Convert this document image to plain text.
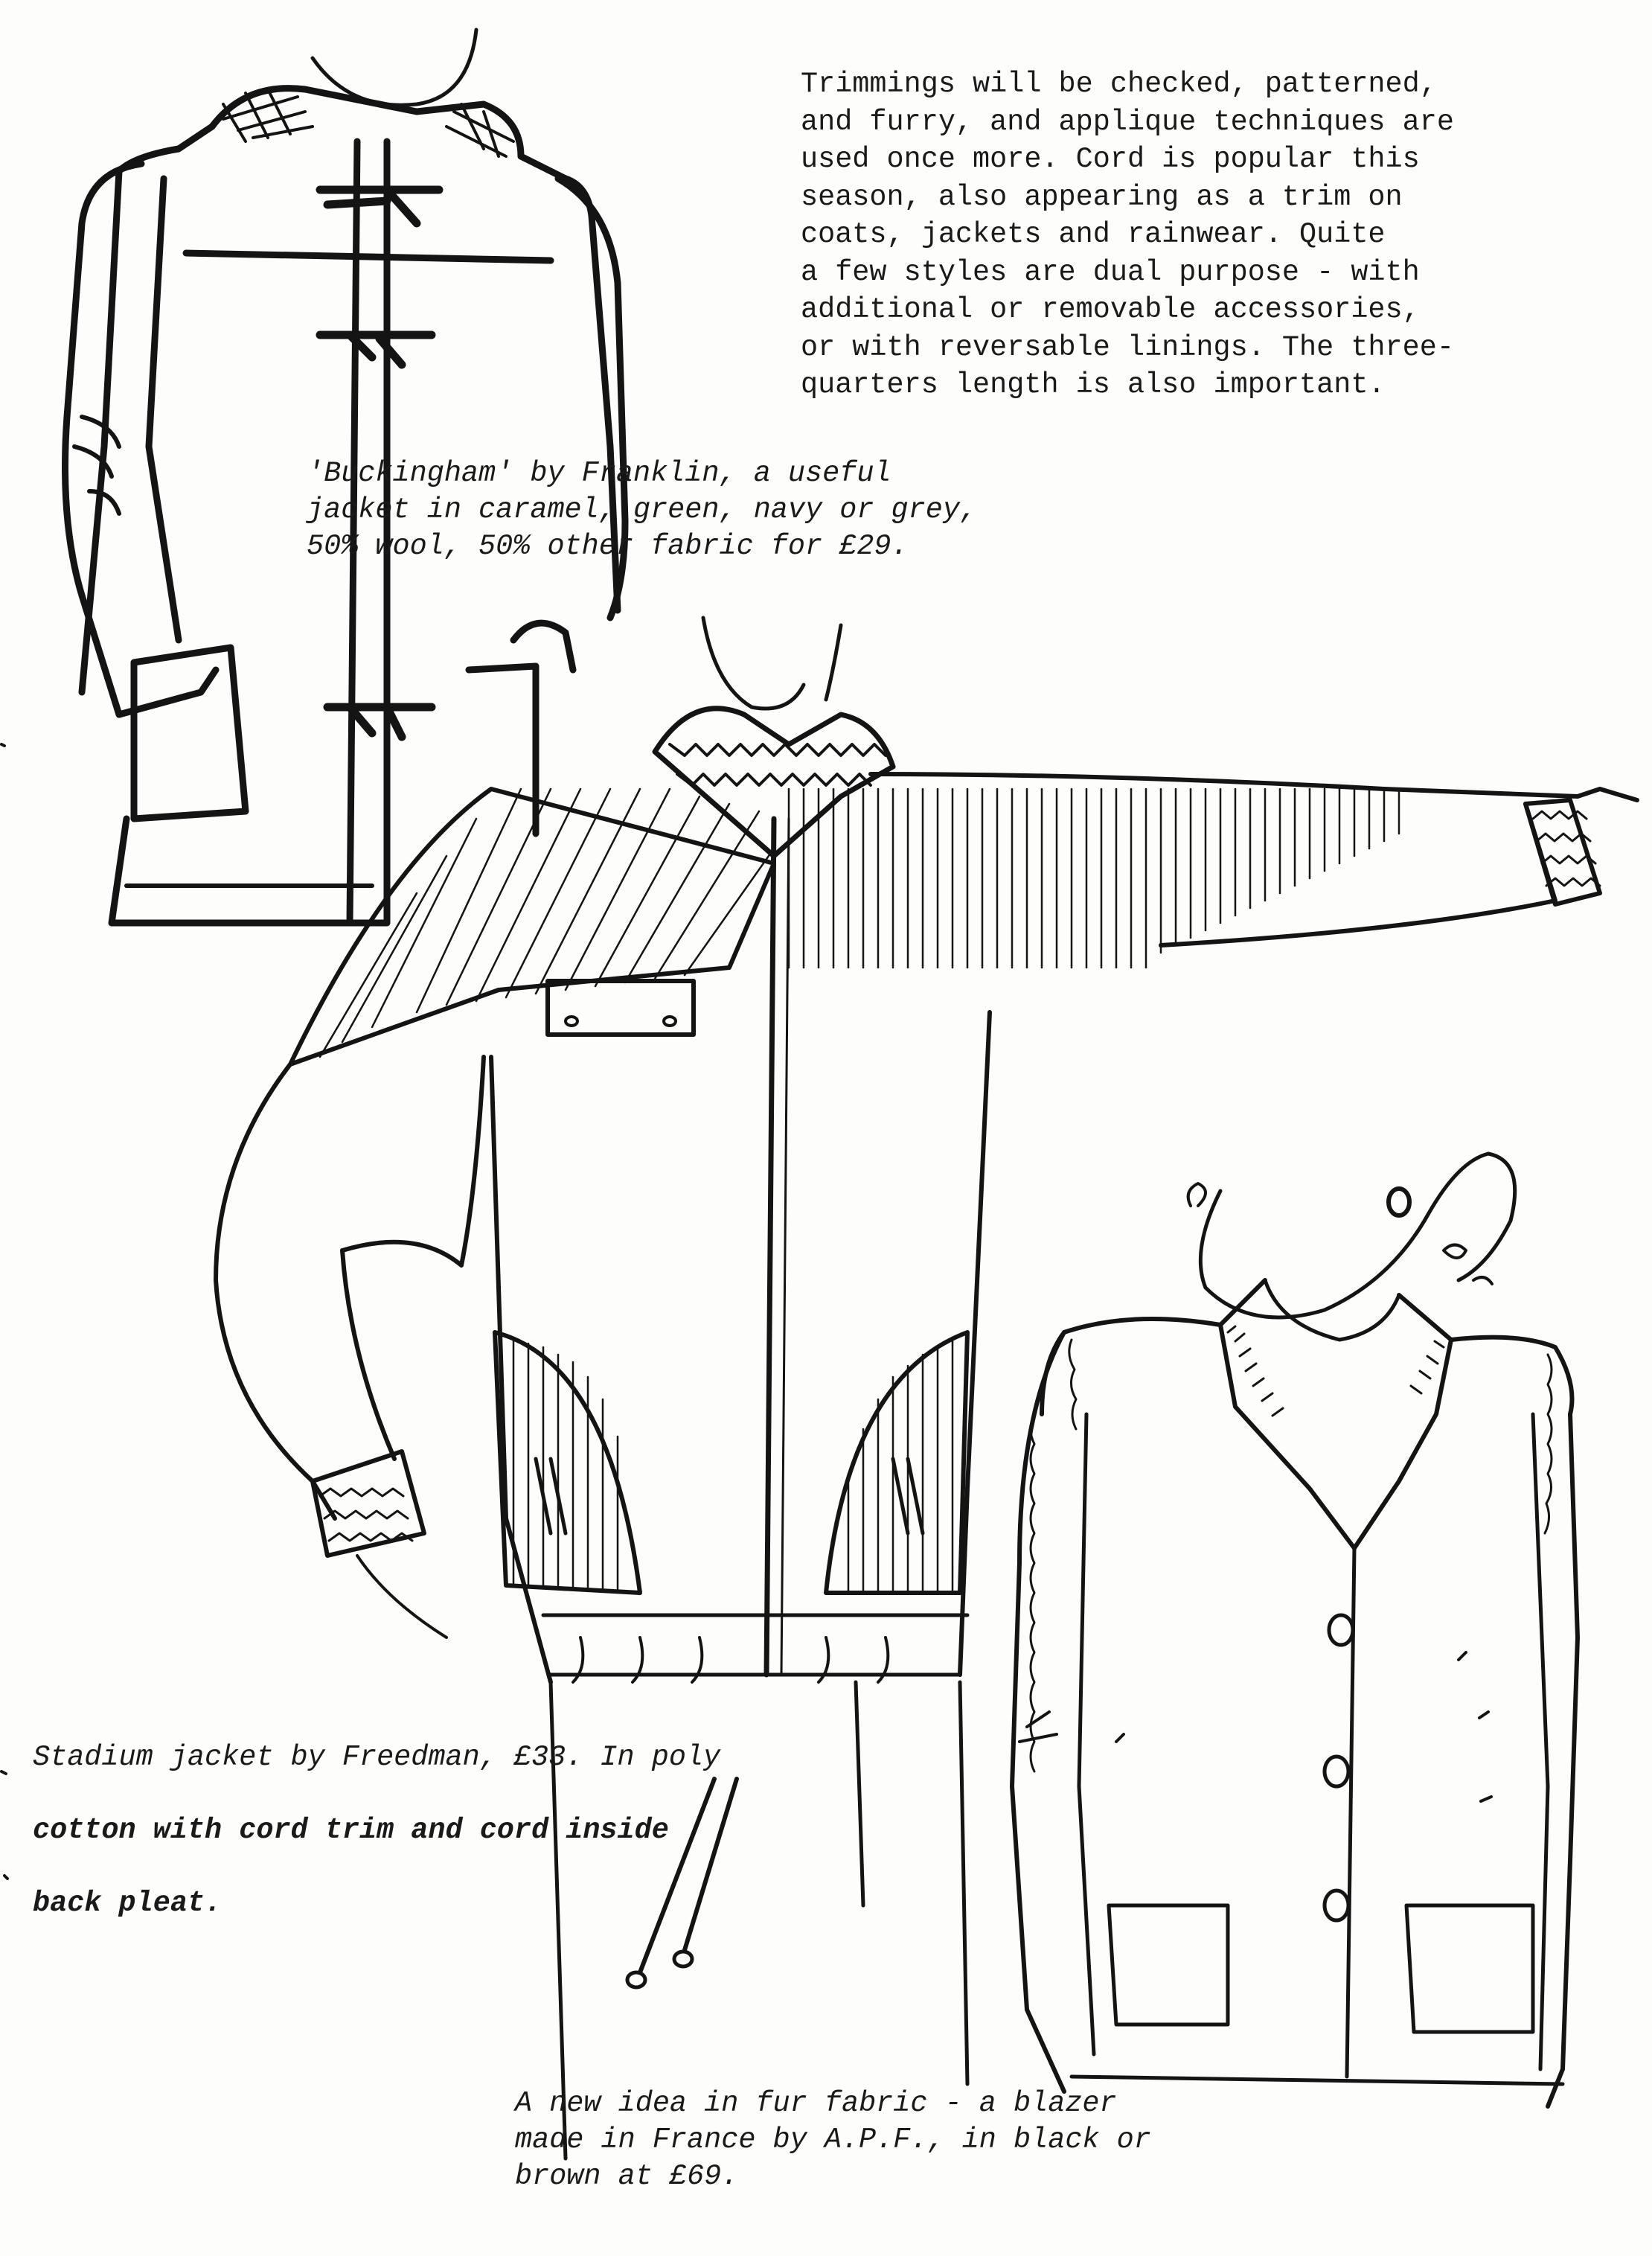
Trimmings will be checked, patterned,
and furry, and applique techniques are
used once more. Cord is popular this
season, also appearing as a trim on
coats, jackets and rainwear. Quite
a few styles are dual purpose - with
additional or removable accessories,
or with reversable linings. The three-
quarters length is also important.

'Buckingham' by Franklin, a useful
jacket in caramel, green, navy or grey,
50% wool, 50% other fabric for £29.

Stadium jacket by Freedman, £33. In poly

cotton with cord trim and cord inside

back pleat.

A new idea in fur fabric - a blazer
made in France by A.P.F., in black or
brown at £69.
